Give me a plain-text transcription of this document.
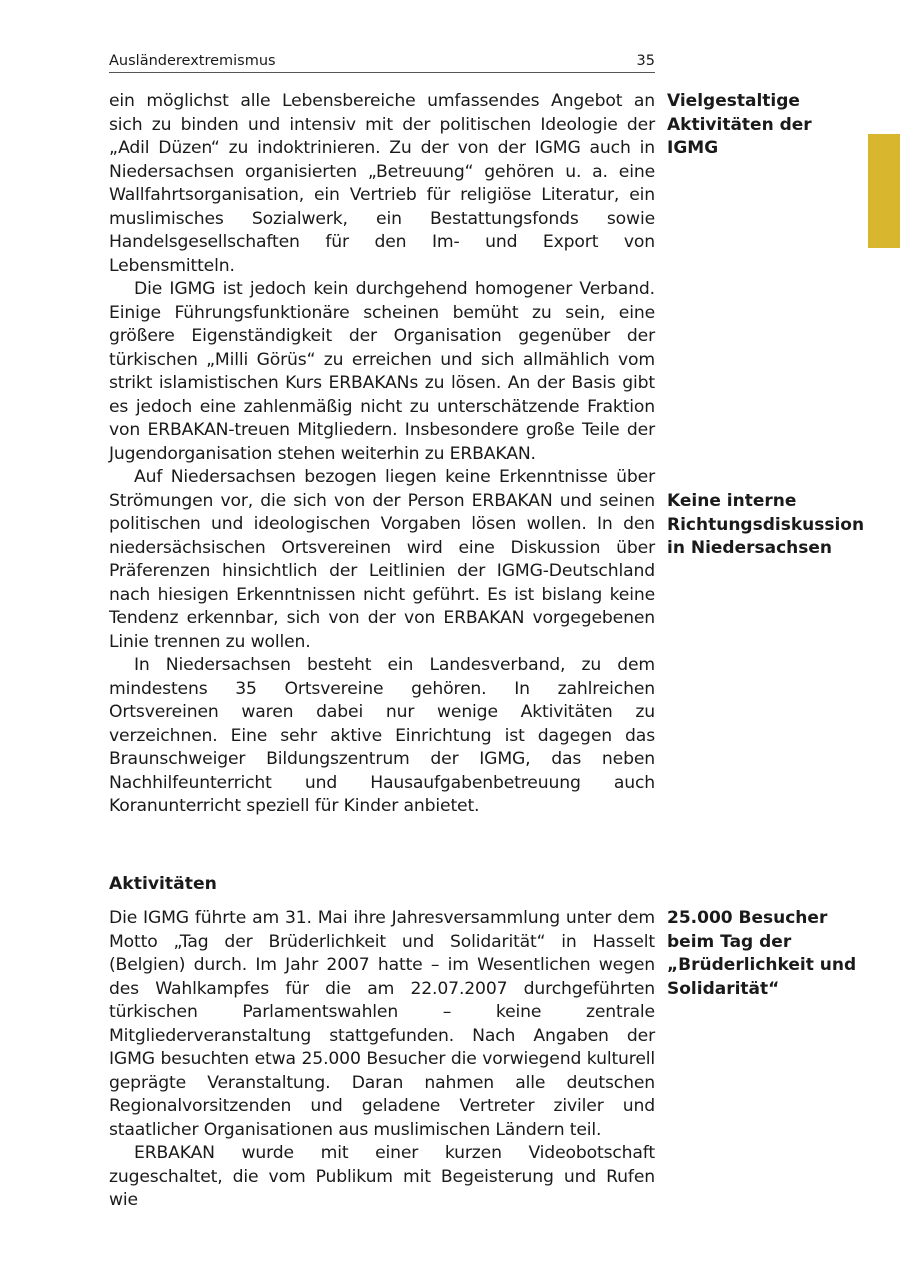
Ausländerextremismus	35

ein möglichst alle Lebensbereiche umfassendes Angebot an sich zu binden und intensiv mit der politischen Ideologie der „Adil Düzen“ zu indoktrinieren. Zu der von der IGMG auch in Niedersachsen organisierten „Betreuung“ gehören u. a. eine Wallfahrtsorganisation, ein Vertrieb für religiöse Literatur, ein muslimisches Sozialwerk, ein Bestattungsfonds sowie Handelsgesellschaften für den Im- und Export von Lebensmitteln.

Die IGMG ist jedoch kein durchgehend homogener Verband. Einige Führungsfunktionäre scheinen bemüht zu sein, eine größere Eigenständigkeit der Organisation gegenüber der türkischen „Milli Görüs“ zu erreichen und sich allmählich vom strikt islamistischen Kurs ERBAKANs zu lösen. An der Basis gibt es jedoch eine zahlenmäßig nicht zu unterschätzende Fraktion von ERBAKAN-treuen Mitgliedern. Insbesondere große Teile der Jugendorganisation stehen weiterhin zu ERBAKAN.

Auf Niedersachsen bezogen liegen keine Erkenntnisse über Strömungen vor, die sich von der Person ERBAKAN und seinen politischen und ideologischen Vorgaben lösen wollen. In den niedersächsischen Ortsvereinen wird eine Diskussion über Präferenzen hinsichtlich der Leitlinien der IGMG-Deutschland nach hiesigen Erkenntnissen nicht geführt. Es ist bislang keine Tendenz erkennbar, sich von der von ERBAKAN vorgegebenen Linie trennen zu wollen.

In Niedersachsen besteht ein Landesverband, zu dem mindestens 35 Ortsvereine gehören. In zahlreichen Ortsvereinen waren dabei nur wenige Aktivitäten zu verzeichnen. Eine sehr aktive Einrichtung ist dagegen das Braunschweiger Bildungszentrum der IGMG, das neben Nachhilfeunterricht und Hausaufgabenbetreuung auch Koranunterricht speziell für Kinder anbietet.

Aktivitäten

Die IGMG führte am 31. Mai ihre Jahresversammlung unter dem Motto „Tag der Brüderlichkeit und Solidarität“ in Hasselt (Belgien) durch. Im Jahr 2007 hatte – im Wesentlichen wegen des Wahlkampfes für die am 22.07.2007 durchgeführten türkischen Parlamentswahlen – keine zentrale Mitgliederveranstaltung stattgefunden. Nach Angaben der IGMG besuchten etwa 25.000 Besucher die vorwiegend kulturell geprägte Veranstaltung. Daran nahmen alle deutschen Regionalvorsitzenden und geladene Vertreter ziviler und staatlicher Organisationen aus muslimischen Ländern teil.

ERBAKAN wurde mit einer kurzen Videobotschaft zugeschaltet, die vom Publikum mit Begeisterung und Rufen wie

Vielgestaltige
Aktivitäten der
IGMG
Keine interne
Richtungsdiskussion
in Niedersachsen
25.000 Besucher
beim Tag der
„Brüderlichkeit und
Solidarität“
